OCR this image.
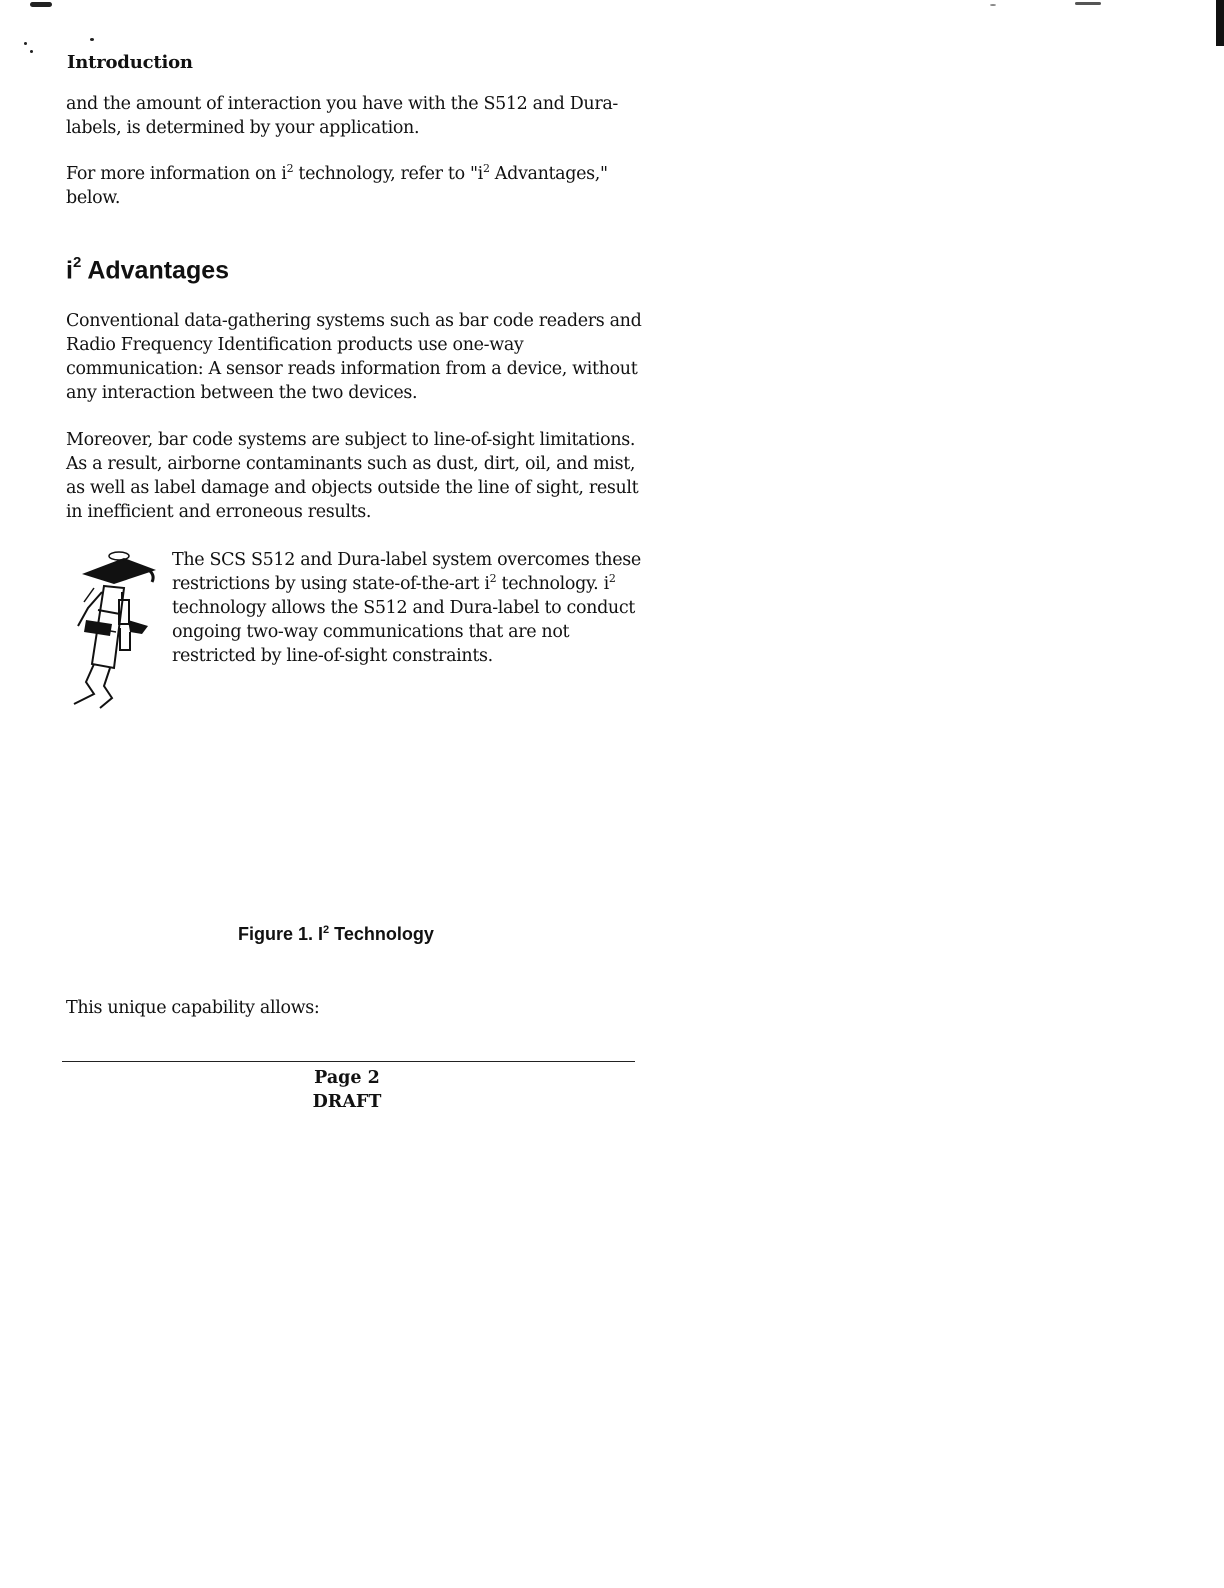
Introduction

and the amount of interaction you have with the S512 and Dura-labels, is determined by your application.

For more information on $i^2$ technology, refer to "$i^2$ Advantages," below.

$i^2$ Advantages

Conventional data-gathering systems such as bar code readers and Radio Frequency Identification products use one-way communication: A sensor reads information from a device, without any interaction between the two devices.

Moreover, bar code systems are subject to line-of-sight limitations. As a result, airborne contaminants such as dust, dirt, oil, and mist, as well as label damage and objects outside the line of sight, result in inefficient and erroneous results.

The SCS S512 and Dura-label system overcomes these restrictions by using state-of-the-art $i^2$ technology. $i^2$ technology allows the S512 and Dura-label to conduct ongoing two-way communications that are not restricted by line-of-sight constraints.

Figure 1. $I^2$ Technology

This unique capability allows:

Page 2
DRAFT
